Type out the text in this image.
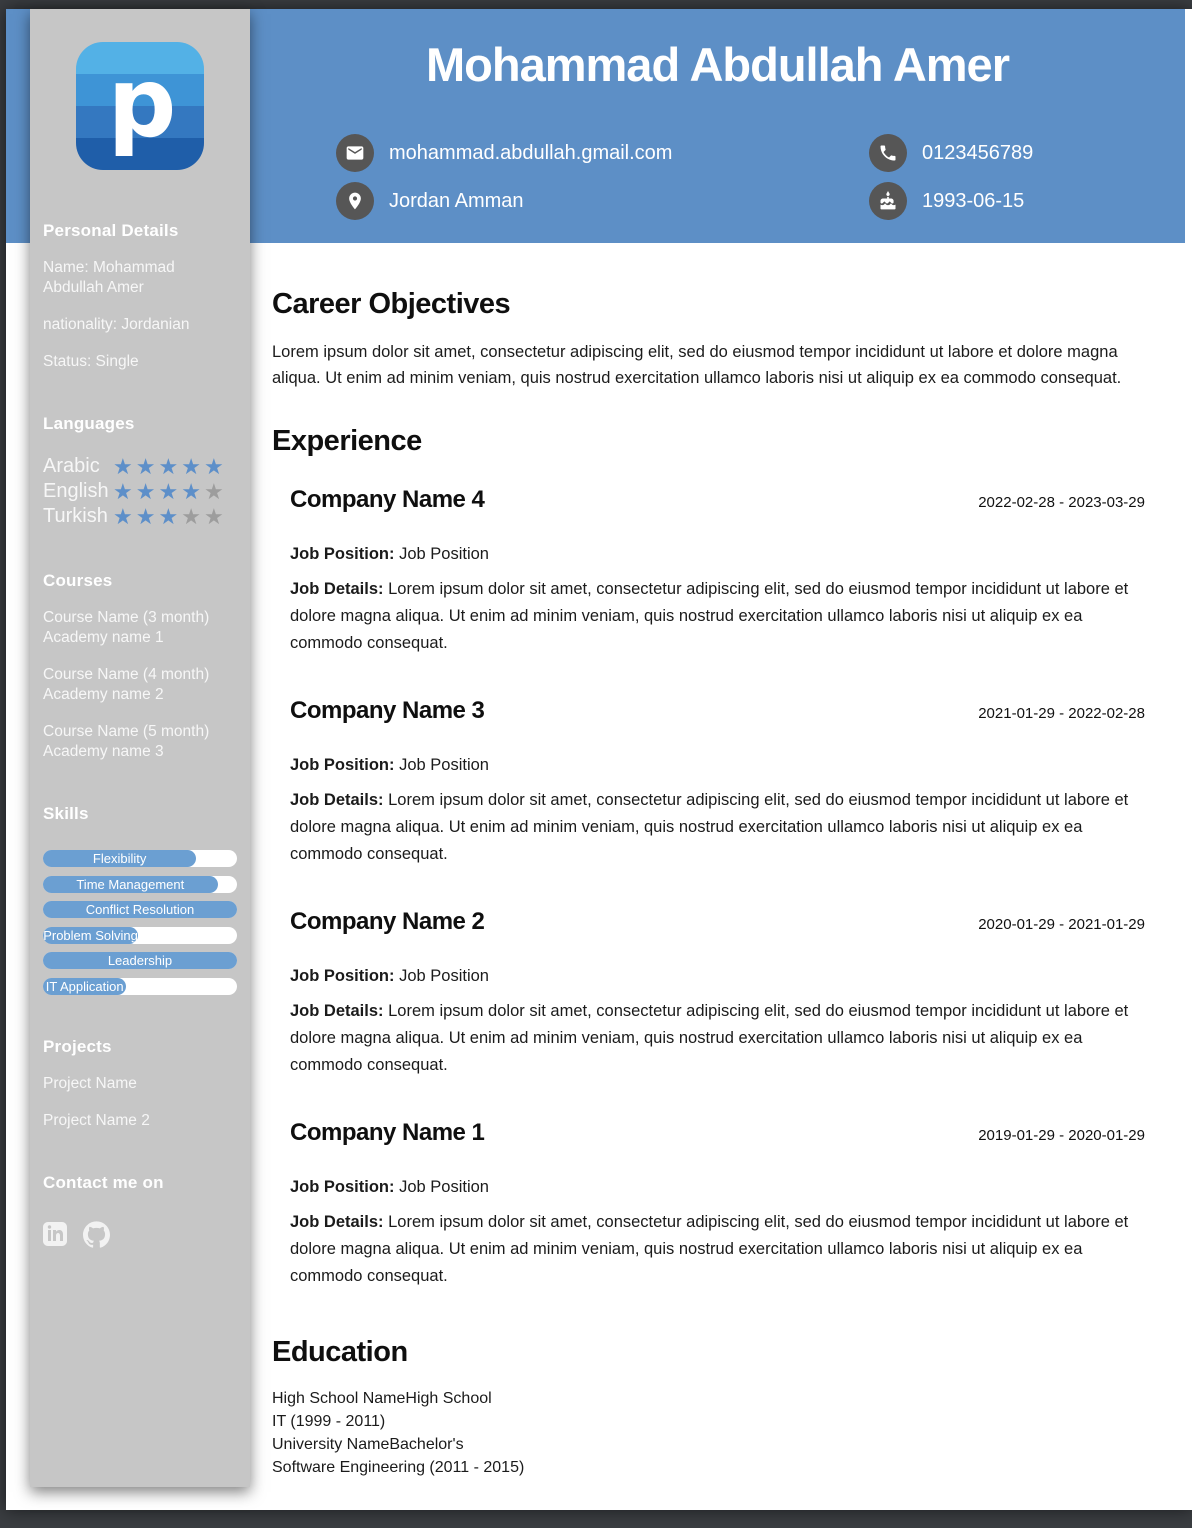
Mohammad Abdullah Amer
mohammad.abdullah.gmail.com	0123456789
Jordan Amman	1993-06-15
p
Personal Details
Name: Mohammad Abdullah Amer
nationality: Jordanian
Status: Single
Languages
Arabic ★★★★★
English ★★★★★
Turkish ★★★★★
Courses
Course Name (3 month)
Academy name 1
Course Name (4 month)
Academy name 2
Course Name (5 month)
Academy name 3
Skills
Flexibility
Time Management
Conflict Resolution
Problem Solving
Leadership
IT Application
Projects
Project Name
Project Name 2
Contact me on
Career Objectives

Lorem ipsum dolor sit amet, consectetur adipiscing elit, sed do eiusmod tempor incididunt ut labore et dolore magna aliqua. Ut enim ad minim veniam, quis nostrud exercitation ullamco laboris nisi ut aliquip ex ea commodo consequat.

Experience
Company Name 4	2022-02-28 - 2023-03-29
Job Position: Job Position
Job Details: Lorem ipsum dolor sit amet, consectetur adipiscing elit, sed do eiusmod tempor incididunt ut labore et dolore magna aliqua. Ut enim ad minim veniam, quis nostrud exercitation ullamco laboris nisi ut aliquip ex ea commodo consequat.
Company Name 3	2021-01-29 - 2022-02-28
Job Position: Job Position
Job Details: Lorem ipsum dolor sit amet, consectetur adipiscing elit, sed do eiusmod tempor incididunt ut labore et dolore magna aliqua. Ut enim ad minim veniam, quis nostrud exercitation ullamco laboris nisi ut aliquip ex ea commodo consequat.
Company Name 2	2020-01-29 - 2021-01-29
Job Position: Job Position
Job Details: Lorem ipsum dolor sit amet, consectetur adipiscing elit, sed do eiusmod tempor incididunt ut labore et dolore magna aliqua. Ut enim ad minim veniam, quis nostrud exercitation ullamco laboris nisi ut aliquip ex ea commodo consequat.
Company Name 1	2019-01-29 - 2020-01-29
Job Position: Job Position
Job Details: Lorem ipsum dolor sit amet, consectetur adipiscing elit, sed do eiusmod tempor incididunt ut labore et dolore magna aliqua. Ut enim ad minim veniam, quis nostrud exercitation ullamco laboris nisi ut aliquip ex ea commodo consequat.
Education
High School NameHigh School
IT (1999 - 2011)
University NameBachelor's
Software Engineering (2011 - 2015)
